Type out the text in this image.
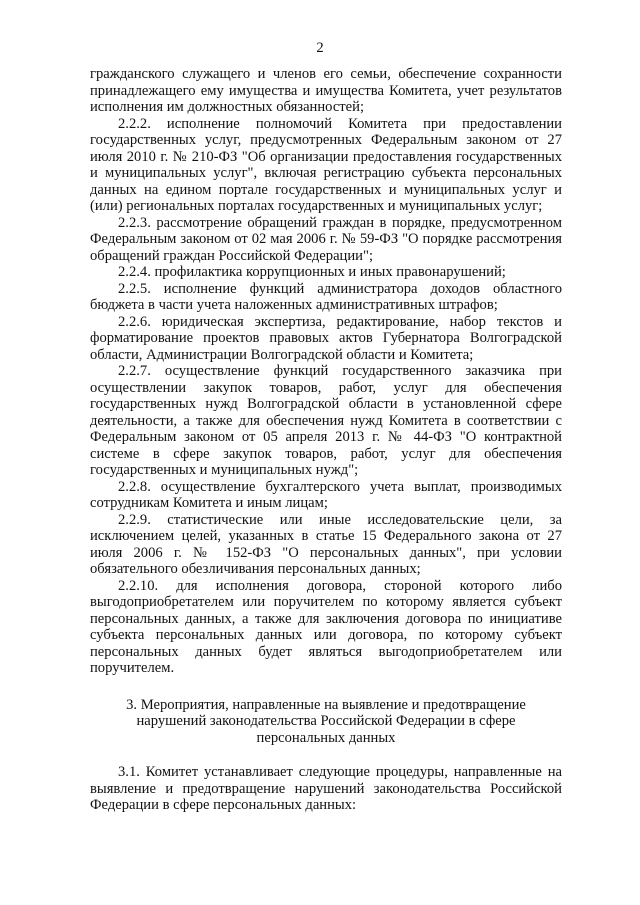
2

гражданского служащего и членов его семьи, обеспечение сохранности принадлежащего ему имущества и имущества Комитета, учет результатов исполнения им должностных обязанностей;

2.2.2. исполнение полномочий Комитета при предоставлении государственных услуг, предусмотренных Федеральным законом от 27 июля 2010 г. № 210-ФЗ "Об организации предоставления государственных и муниципальных услуг", включая регистрацию субъекта персональных данных на едином портале государственных и муниципальных услуг и (или) региональных порталах государственных и муниципальных услуг;

2.2.3. рассмотрение обращений граждан в порядке, предусмотренном Федеральным законом от 02 мая 2006 г. № 59-ФЗ "О порядке рассмотрения обращений граждан Российской Федерации";

2.2.4. профилактика коррупционных и иных правонарушений;

2.2.5. исполнение функций администратора доходов областного бюджета в части учета наложенных административных штрафов;

2.2.6. юридическая экспертиза, редактирование, набор текстов и форматирование проектов правовых актов Губернатора Волгоградской области, Администрации Волгоградской области и Комитета;

2.2.7. осуществление функций государственного заказчика при осуществлении закупок товаров, работ, услуг для обеспечения государственных нужд Волгоградской области в установленной сфере деятельности, а также для обеспечения нужд Комитета в соответствии с Федеральным законом от 05 апреля 2013 г. № 44-ФЗ "О контрактной системе в сфере закупок товаров, работ, услуг для обеспечения государственных и муниципальных нужд";

2.2.8. осуществление бухгалтерского учета выплат, производимых сотрудникам Комитета и иным лицам;

2.2.9. статистические или иные исследовательские цели, за исключением целей, указанных в статье 15 Федерального закона от 27 июля 2006 г. № 152-ФЗ "О персональных данных", при условии обязательного обезличивания персональных данных;

2.2.10. для исполнения договора, стороной которого либо выгодоприобретателем или поручителем по которому является субъект персональных данных, а также для заключения договора по инициативе субъекта персональных данных или договора, по которому субъект персональных данных будет являться выгодоприобретателем или поручителем.

3. Мероприятия, направленные на выявление и предотвращение нарушений законодательства Российской Федерации в сфере персональных данных

3.1. Комитет устанавливает следующие процедуры, направленные на выявление и предотвращение нарушений законодательства Российской Федерации в сфере персональных данных:
